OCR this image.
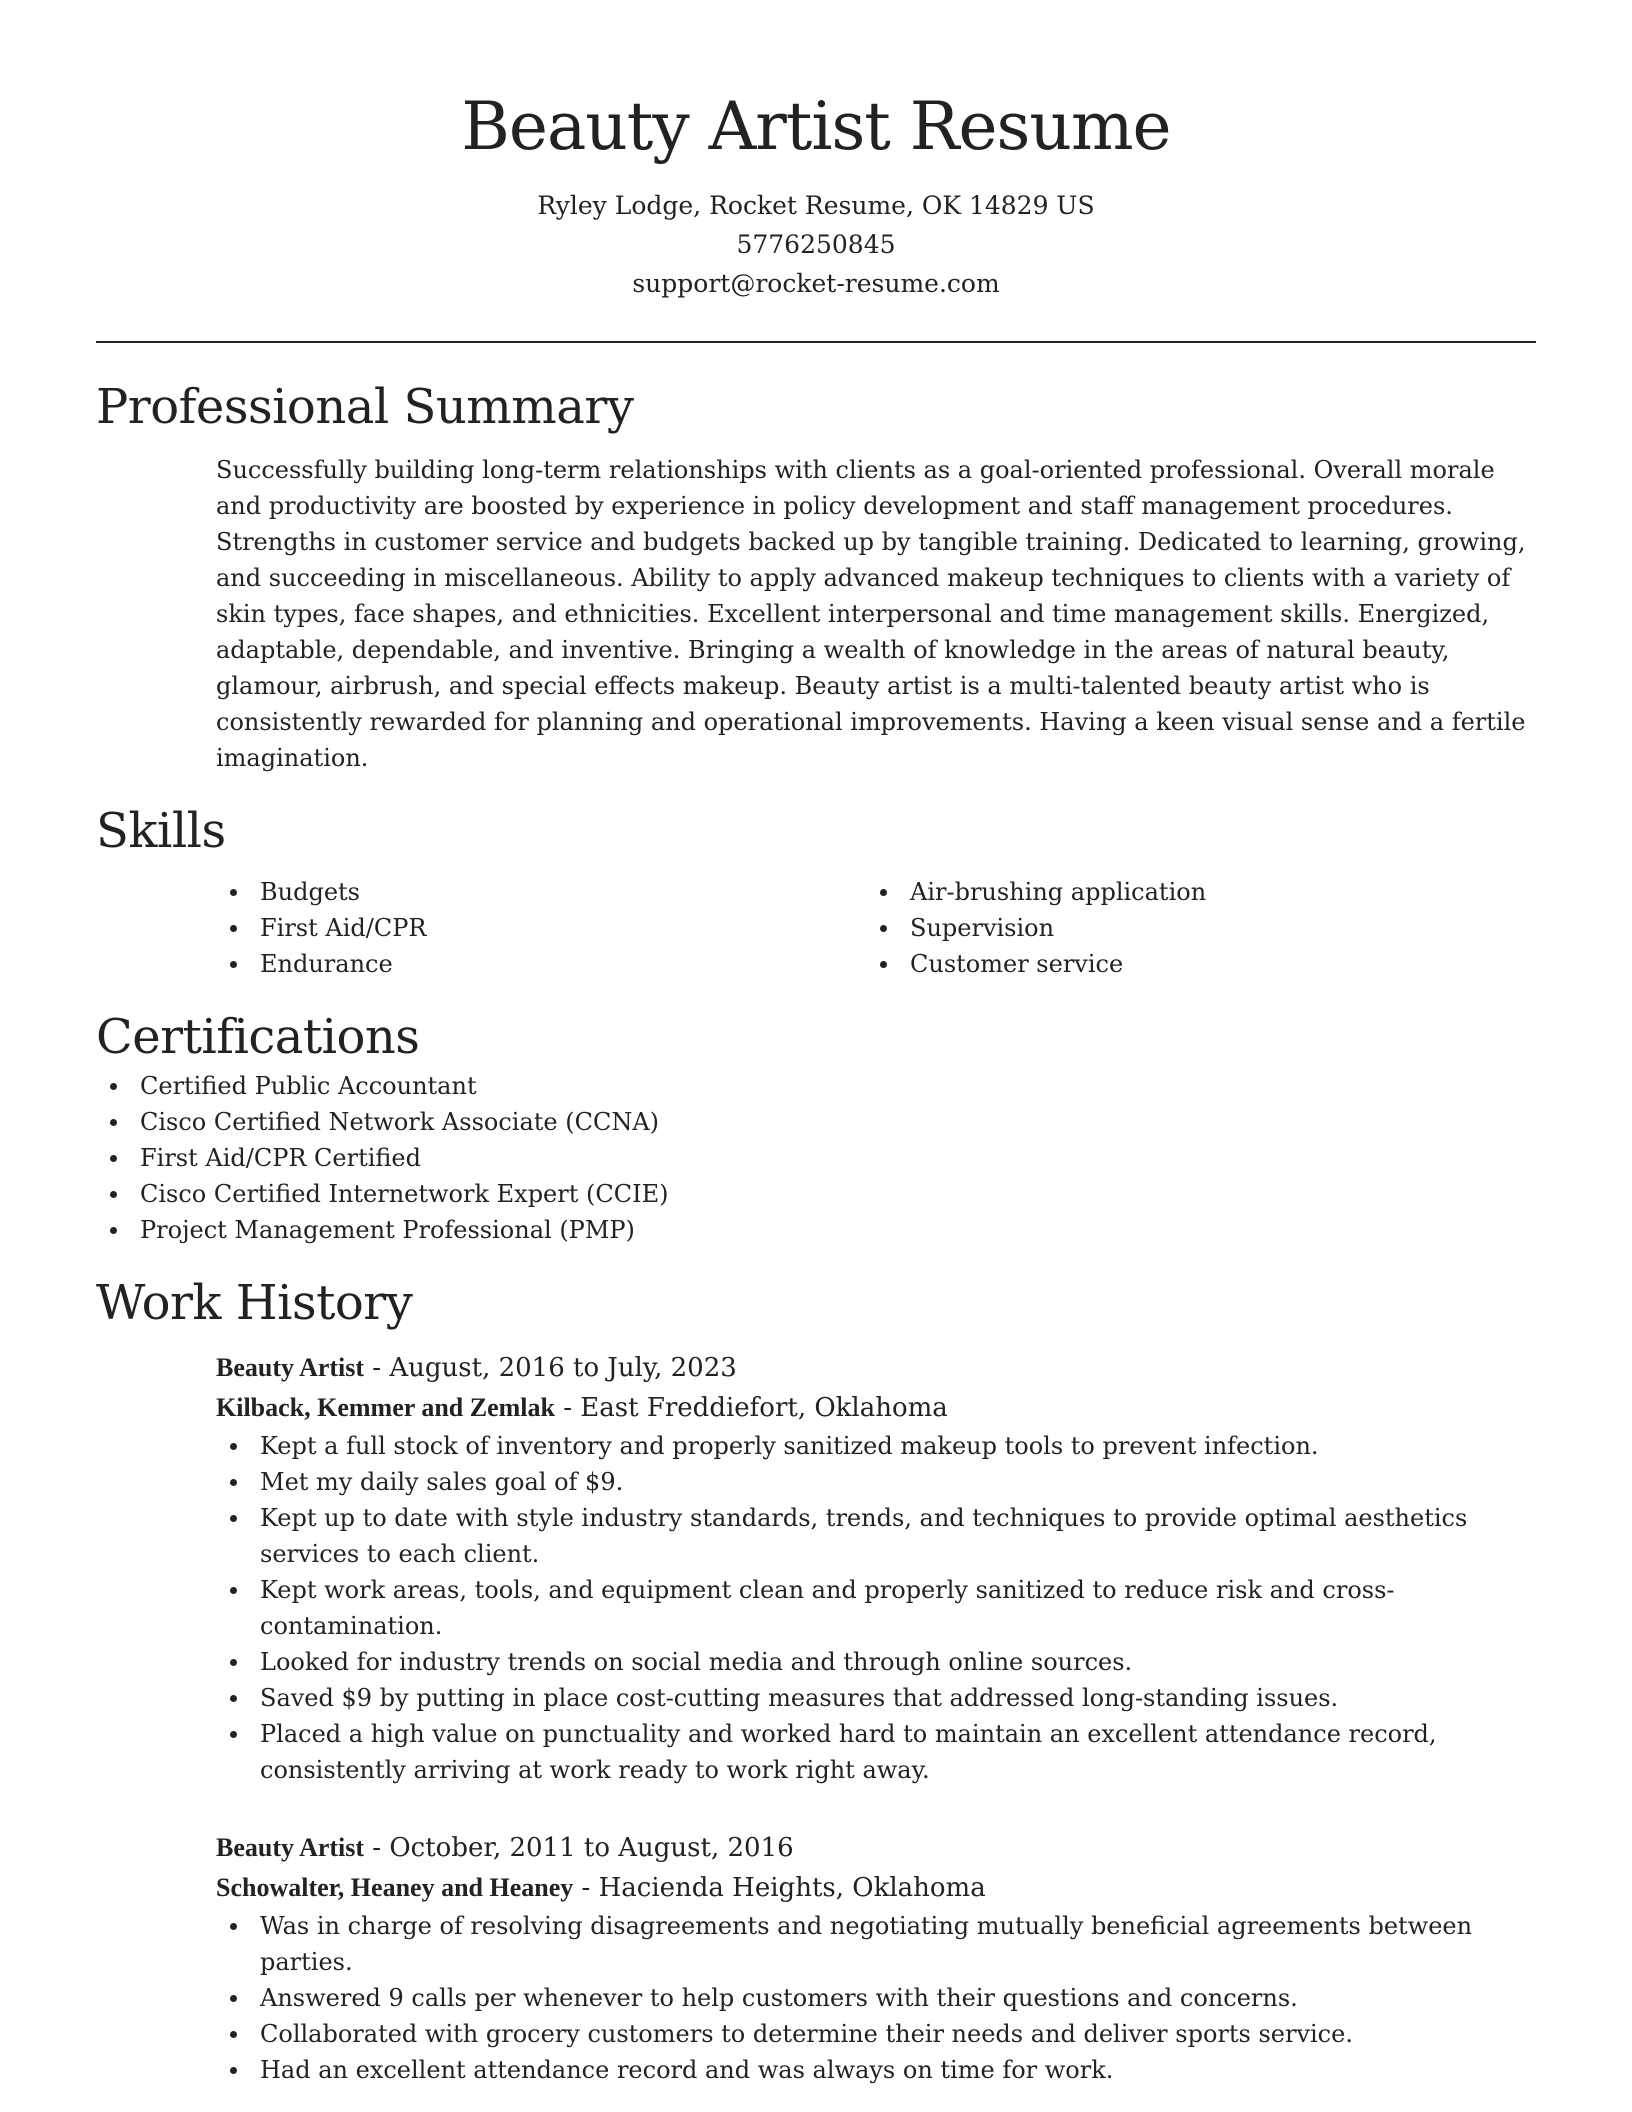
Beauty Artist Resume
Ryley Lodge, Rocket Resume, OK 14829 US
5776250845
support@rocket-resume.com
Professional Summary

Successfully building long-term relationships with clients as a goal-oriented professional. Overall morale and productivity are boosted by experience in policy development and staff management procedures. Strengths in customer service and budgets backed up by tangible training. Dedicated to learning, growing, and succeeding in miscellaneous. Ability to apply advanced makeup techniques to clients with a variety of skin types, face shapes, and ethnicities. Excellent interpersonal and time management skills. Energized, adaptable, dependable, and inventive. Bringing a wealth of knowledge in the areas of natural beauty, glamour, airbrush, and special effects makeup. Beauty artist is a multi-talented beauty artist who is consistently rewarded for planning and operational improvements. Having a keen visual sense and a fertile imagination.

Skills
Budgets
First Aid/CPR
Endurance
Air-brushing application
Supervision
Customer service
Certifications
Certified Public Accountant
Cisco Certified Network Associate (CCNA)
First Aid/CPR Certified
Cisco Certified Internetwork Expert (CCIE)
Project Management Professional (PMP)
Work History
Beauty Artist - August, 2016 to July, 2023
Kilback, Kemmer and Zemlak - East Freddiefort, Oklahoma
Kept a full stock of inventory and properly sanitized makeup tools to prevent infection.
Met my daily sales goal of $9.
Kept up to date with style industry standards, trends, and techniques to provide optimal aesthetics services to each client.
Kept work areas, tools, and equipment clean and properly sanitized to reduce risk and cross-contamination.
Looked for industry trends on social media and through online sources.
Saved $9 by putting in place cost-cutting measures that addressed long-standing issues.
Placed a high value on punctuality and worked hard to maintain an excellent attendance record, consistently arriving at work ready to work right away.
Beauty Artist - October, 2011 to August, 2016
Schowalter, Heaney and Heaney - Hacienda Heights, Oklahoma
Was in charge of resolving disagreements and negotiating mutually beneficial agreements between parties.
Answered 9 calls per whenever to help customers with their questions and concerns.
Collaborated with grocery customers to determine their needs and deliver sports service.
Had an excellent attendance record and was always on time for work.
